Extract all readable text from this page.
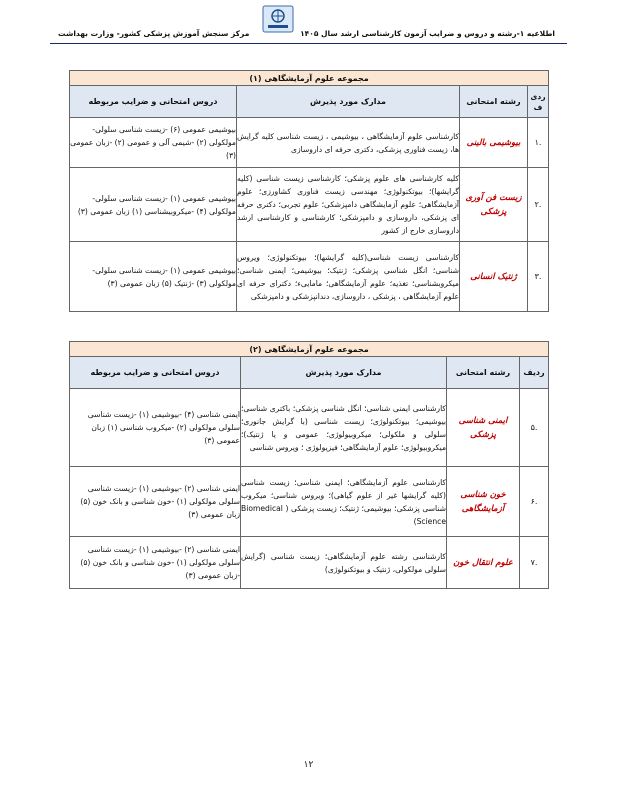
اطلاعیه ۱-رشته و دروس و ضرایب آزمون کارشناسی ارشد سال ۱۴۰۵
مرکز سنجش آموزش پزشکی کشور- وزارت بهداشت
مجموعه علوم آزمایشگاهی (۱)			
ردی ف	رشته امتحانی	مدارک مورد پذیرش	دروس امتحانی و ضرایب مربوطه
.۱	بیوشیمی بالینی	کارشناسی علوم آزمایشگاهی ، بیوشیمی ، زیست شناسی کلیه گرایش ها، زیست فناوری پزشکی، دکتری حرفه ای داروسازی	بیوشیمی عمومی (۶) -زیست شناسی سلولی- مولکولی (۲) -شیمی آلی و عمومی (۲) -زبان عمومی (۳)
.۲	زیست فن آوری پزشکی	کلیه کارشناسی های علوم پزشکی؛ کارشناسی زیست شناسی (کلیه گرایشها)؛ بیوتکنولوژی؛ مهندسی زیست فناوری کشاورزی؛ علوم آزمایشگاهی؛ علوم آزمایشگاهی دامپزشکی؛ علوم تجربی؛ دکتری حرفه ای پزشکی، داروسازی و دامپزشکی؛ کارشناسی و کارشناسی ارشد داروسازی خارج از کشور	بیوشیمی عمومی (۱) -زیست شناسی سلولی- مولکولی (۴) -میکروبیشناسی (۱) زبان عمومی (۳)
.۳	ژنتیک انسانی	کارشناسی زیست شناسی(کلیه گرایشها)؛ بیوتکنولوژی؛ ویروس شناسی؛ انگل شناسی پزشکی؛ ژنتیک؛ بیوشیمی؛ ایمنی شناسی؛ میکروبشناسی؛ تغذیه؛ علوم آزمایشگاهی؛ ماماییء؛ دکترای حرفه ای علوم آزمایشگاهی ، پزشکی ، داروسازی، دندانپزشکی و دامپزشکی	بیوشیمی عمومی (۱) -زیست شناسی سلولی- مولکولی (۳) -ژنتیک (۵) زبان عمومی (۳)
مجموعه علوم آزمایشگاهی (۲)			
ردیف	رشته امتحانی	مدارک مورد پذیرش	دروس امتحانی و ضرایب مربوطه
.۵	ایمنی شناسی پزشکی	کارشناسی ایمنی شناسی؛ انگل شناسی پزشکی؛ باکتری شناسی؛ بیوشیمی؛ بیوتکنولوژی؛ زیست شناسی (با گرایش جانوری؛ سلولی و ملکولی؛ میکروبیولوژی؛ عمومی و یا ژنتیک)؛ میکروبیولوژی؛ علوم آزمایشگاهی؛ فیزیولوژی ؛ ویروس شناسی	ایمنی شناسی (۴) -بیوشیمی (۱) -زیست شناسی سلولی مولکولی (۲) -میکروب شناسی (۱) زبان عمومی (۳)
.۶	خون شناسی آزمایشگاهی	کارشناسی علوم آزمایشگاهی؛ ایمنی شناسی؛ زیست شناسی (کلیه گرایشها غیر از علوم گیاهی)؛ ویروس شناسی؛ میکروب شناسی پزشکی؛ بیوشیمی؛ ژنتیک؛ زیست پزشکی ( Biomedical Science)	ایمنی شناسی (۲) -بیوشیمی (۱) -زیست شناسی سلولی مولکولی (۱) -خون شناسی و بانک خون (۵) زبان عمومی (۳)
.۷	علوم انتقال خون	کارشناسی رشته علوم آزمایشگاهی؛ زیست شناسی (گرایش سلولی مولکولی، ژنتیک و بیوتکنولوژی)	ایمنی شناسی (۲) -بیوشیمی (۱) -زیست شناسی سلولی مولکولی (۱) -خون شناسی و بانک خون (۵) -زبان عمومی (۳)
۱۲
